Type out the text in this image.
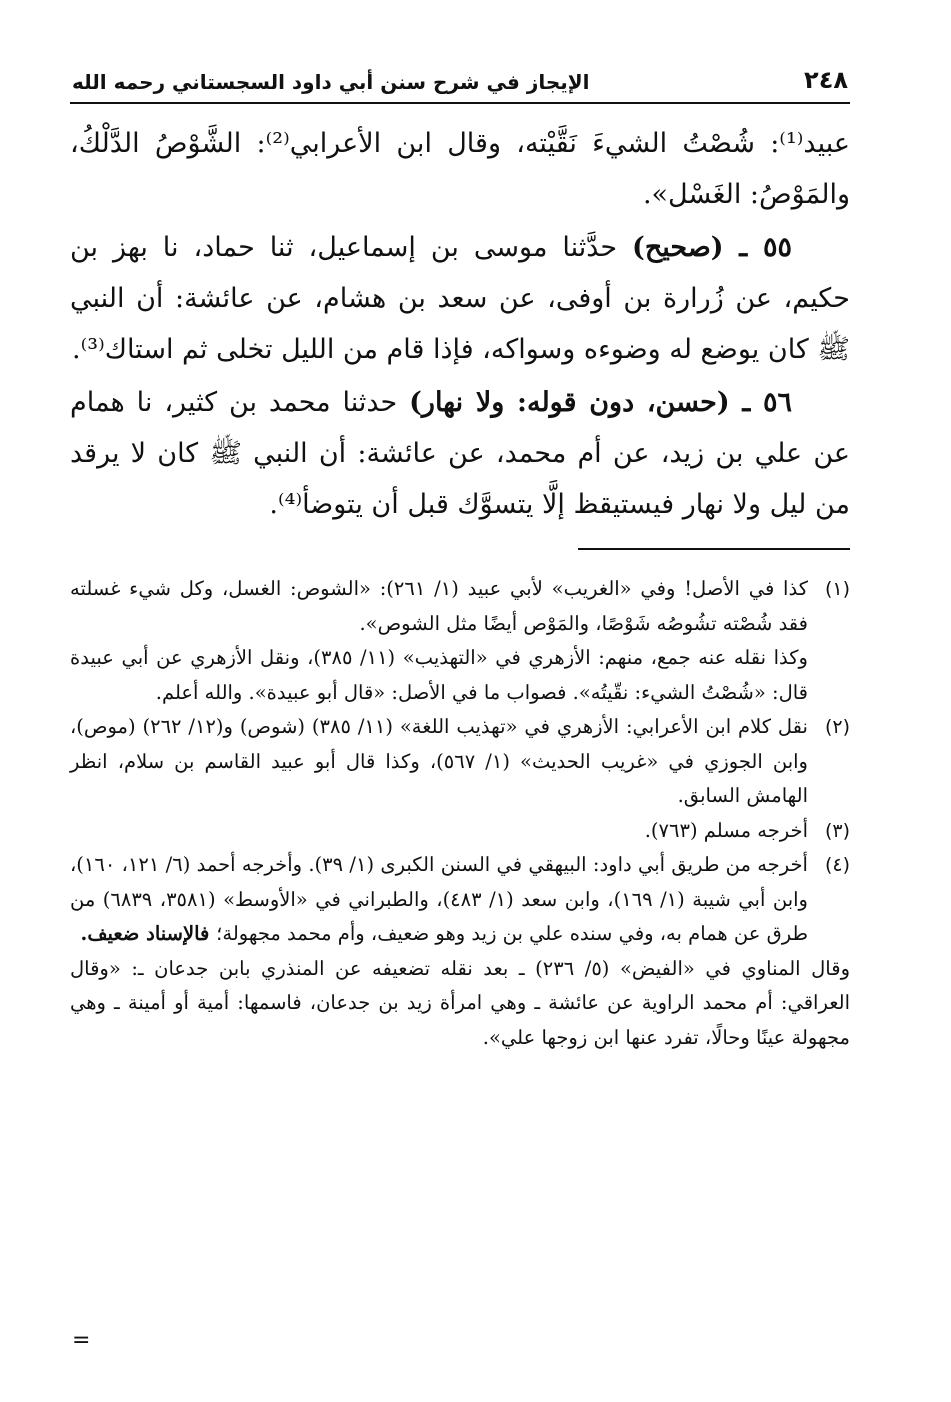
٢٤٨
الإيجاز في شرح سنن أبي داود السجستاني رحمه الله

عبيد⁽¹⁾: شُصْتُ الشيءَ نَقَّيْته، وقال ابن الأعرابي⁽²⁾: الشَّوْصُ الدَّلْكُ، والمَوْصُ: الغَسْل».

٥٥ ـ (صحيح) حدَّثنا موسى بن إسماعيل، ثنا حماد، نا بهز بن حكيم، عن زُرارة بن أوفى، عن سعد بن هشام، عن عائشة: أن النبي ﷺ كان يوضع له وضوءه وسواكه، فإذا قام من الليل تخلى ثم استاك⁽³⁾.

٥٦ ـ (حسن، دون قوله: ولا نهار) حدثنا محمد بن كثير، نا همام عن علي بن زيد، عن أم محمد، عن عائشة: أن النبي ﷺ كان لا يرقد من ليل ولا نهار فيستيقظ إلَّا يتسوَّك قبل أن يتوضأ⁽⁴⁾.

(١)

كذا في الأصل! وفي «الغريب» لأبي عبيد (١/ ٢٦١): «الشوص: الغسل، وكل شيء غسلته فقد شُصْته تشُوصُه شَوْصًا، والمَوْص أيضًا مثل الشوص».

وكذا نقله عنه جمع، منهم: الأزهري في «التهذيب» (١١/ ٣٨٥)، ونقل الأزهري عن أبي عبيدة قال: «شُصْتُ الشيء: نقّيتُه». فصواب ما في الأصل: «قال أبو عبيدة». والله أعلم.

(٢)

نقل كلام ابن الأعرابي: الأزهري في «تهذيب اللغة» (١١/ ٣٨٥) (شوص) و(١٢/ ٢٦٢) (موص)، وابن الجوزي في «غريب الحديث» (١/ ٥٦٧)، وكذا قال أبو عبيد القاسم بن سلام، انظر الهامش السابق.

(٣)

أخرجه مسلم (٧٦٣).

(٤)

أخرجه من طريق أبي داود: البيهقي في السنن الكبرى (١/ ٣٩). وأخرجه أحمد (٦/ ١٢١، ١٦٠)، وابن أبي شيبة (١/ ١٦٩)، وابن سعد (١/ ٤٨٣)، والطبراني في «الأوسط» (٣٥٨١، ٦٨٣٩) من طرق عن همام به، وفي سنده علي بن زيد وهو ضعيف، وأم محمد مجهولة؛ فالإسناد ضعيف.

وقال المناوي في «الفيض» (٥/ ٢٣٦) ـ بعد نقله تضعيفه عن المنذري بابن جدعان ـ: «وقال العراقي: أم محمد الراوية عن عائشة ـ وهي امرأة زيد بن جدعان، فاسمها: أمية أو أمينة ـ وهي مجهولة عينًا وحالًا، تفرد عنها ابن زوجها علي».

=
